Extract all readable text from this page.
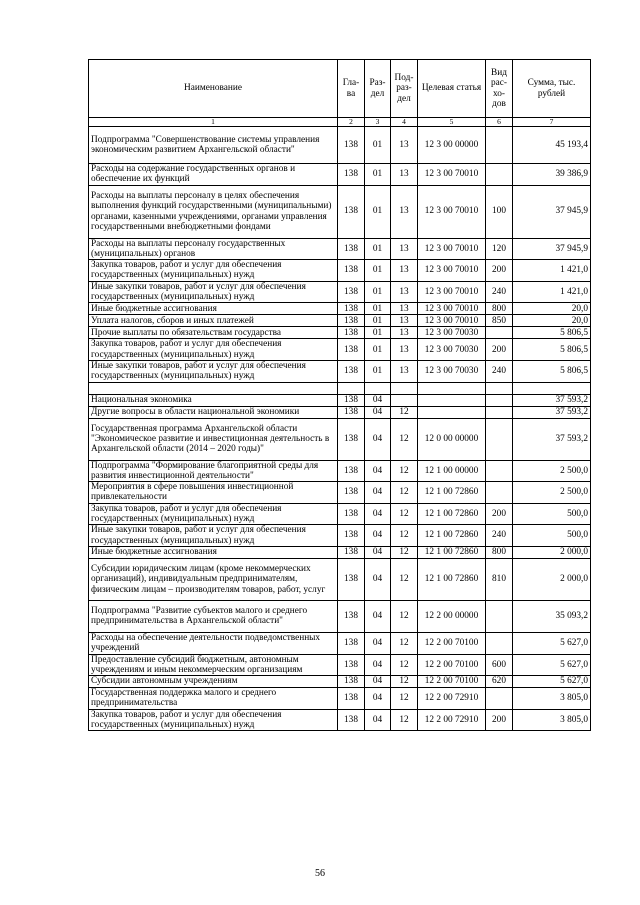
Наименование	Гла-ва	Раз-дел	Под-раз-дел	Целевая статья	Вид рас-хо-дов	Сумма, тыс. рублей
1	2	3	4	5	6	7
Подпрограмма "Совершенствование системы управления экономическим развитием Архангельской области"	138	01	13	12 3 00 00000		45 193,4
Расходы на содержание государственных органов и обеспечение их функций	138	01	13	12 3 00 70010		39 386,9
Расходы на выплаты персоналу в целях обеспечения выполнения функций государственными (муниципальными) органами, казенными учреждениями, органами управления государственными внебюджетными фондами	138	01	13	12 3 00 70010	100	37 945,9
Расходы на выплаты персоналу государственных (муниципальных) органов	138	01	13	12 3 00 70010	120	37 945,9
Закупка товаров, работ и услуг для обеспечения государственных (муниципальных) нужд	138	01	13	12 3 00 70010	200	1 421,0
Иные закупки товаров, работ и услуг для обеспечения государственных (муниципальных) нужд	138	01	13	12 3 00 70010	240	1 421,0
Иные бюджетные ассигнования	138	01	13	12 3 00 70010	800	20,0
Уплата налогов, сборов и иных платежей	138	01	13	12 3 00 70010	850	20,0
Прочие выплаты по обязательствам государства	138	01	13	12 3 00 70030		5 806,5
Закупка товаров, работ и услуг для обеспечения государственных (муниципальных) нужд	138	01	13	12 3 00 70030	200	5 806,5
Иные закупки товаров, работ и услуг для обеспечения государственных (муниципальных) нужд	138	01	13	12 3 00 70030	240	5 806,5

Национальная экономика	138	04				37 593,2
Другие вопросы в области национальной экономики	138	04	12			37 593,2
Государственная программа Архангельской области "Экономическое развитие и инвестиционная деятельность в Архангельской области (2014 – 2020 годы)"	138	04	12	12 0 00 00000		37 593,2
Подпрограмма "Формирование благоприятной среды для развития инвестиционной деятельности"	138	04	12	12 1 00 00000		2 500,0
Мероприятия в сфере повышения инвестиционной привлекательности	138	04	12	12 1 00 72860		2 500,0
Закупка товаров, работ и услуг для обеспечения государственных (муниципальных) нужд	138	04	12	12 1 00 72860	200	500,0
Иные закупки товаров, работ и услуг для обеспечения государственных (муниципальных) нужд	138	04	12	12 1 00 72860	240	500,0
Иные бюджетные ассигнования	138	04	12	12 1 00 72860	800	2 000,0
Субсидии юридическим лицам (кроме некоммерческих организаций), индивидуальным предпринимателям, физическим лицам – производителям товаров, работ, услуг	138	04	12	12 1 00 72860	810	2 000,0
Подпрограмма "Развитие субъектов малого и среднего предпринимательства в Архангельской области"	138	04	12	12 2 00 00000		35 093,2
Расходы на обеспечение деятельности подведомственных учреждений	138	04	12	12 2 00 70100		5 627,0
Предоставление субсидий бюджетным, автономным учреждениям и иным некоммерческим организациям	138	04	12	12 2 00 70100	600	5 627,0
Субсидии автономным учреждениям	138	04	12	12 2 00 70100	620	5 627,0
Государственная поддержка малого и среднего предпринимательства	138	04	12	12 2 00 72910		3 805,0
Закупка товаров, работ и услуг для обеспечения государственных (муниципальных) нужд	138	04	12	12 2 00 72910	200	3 805,0
56
